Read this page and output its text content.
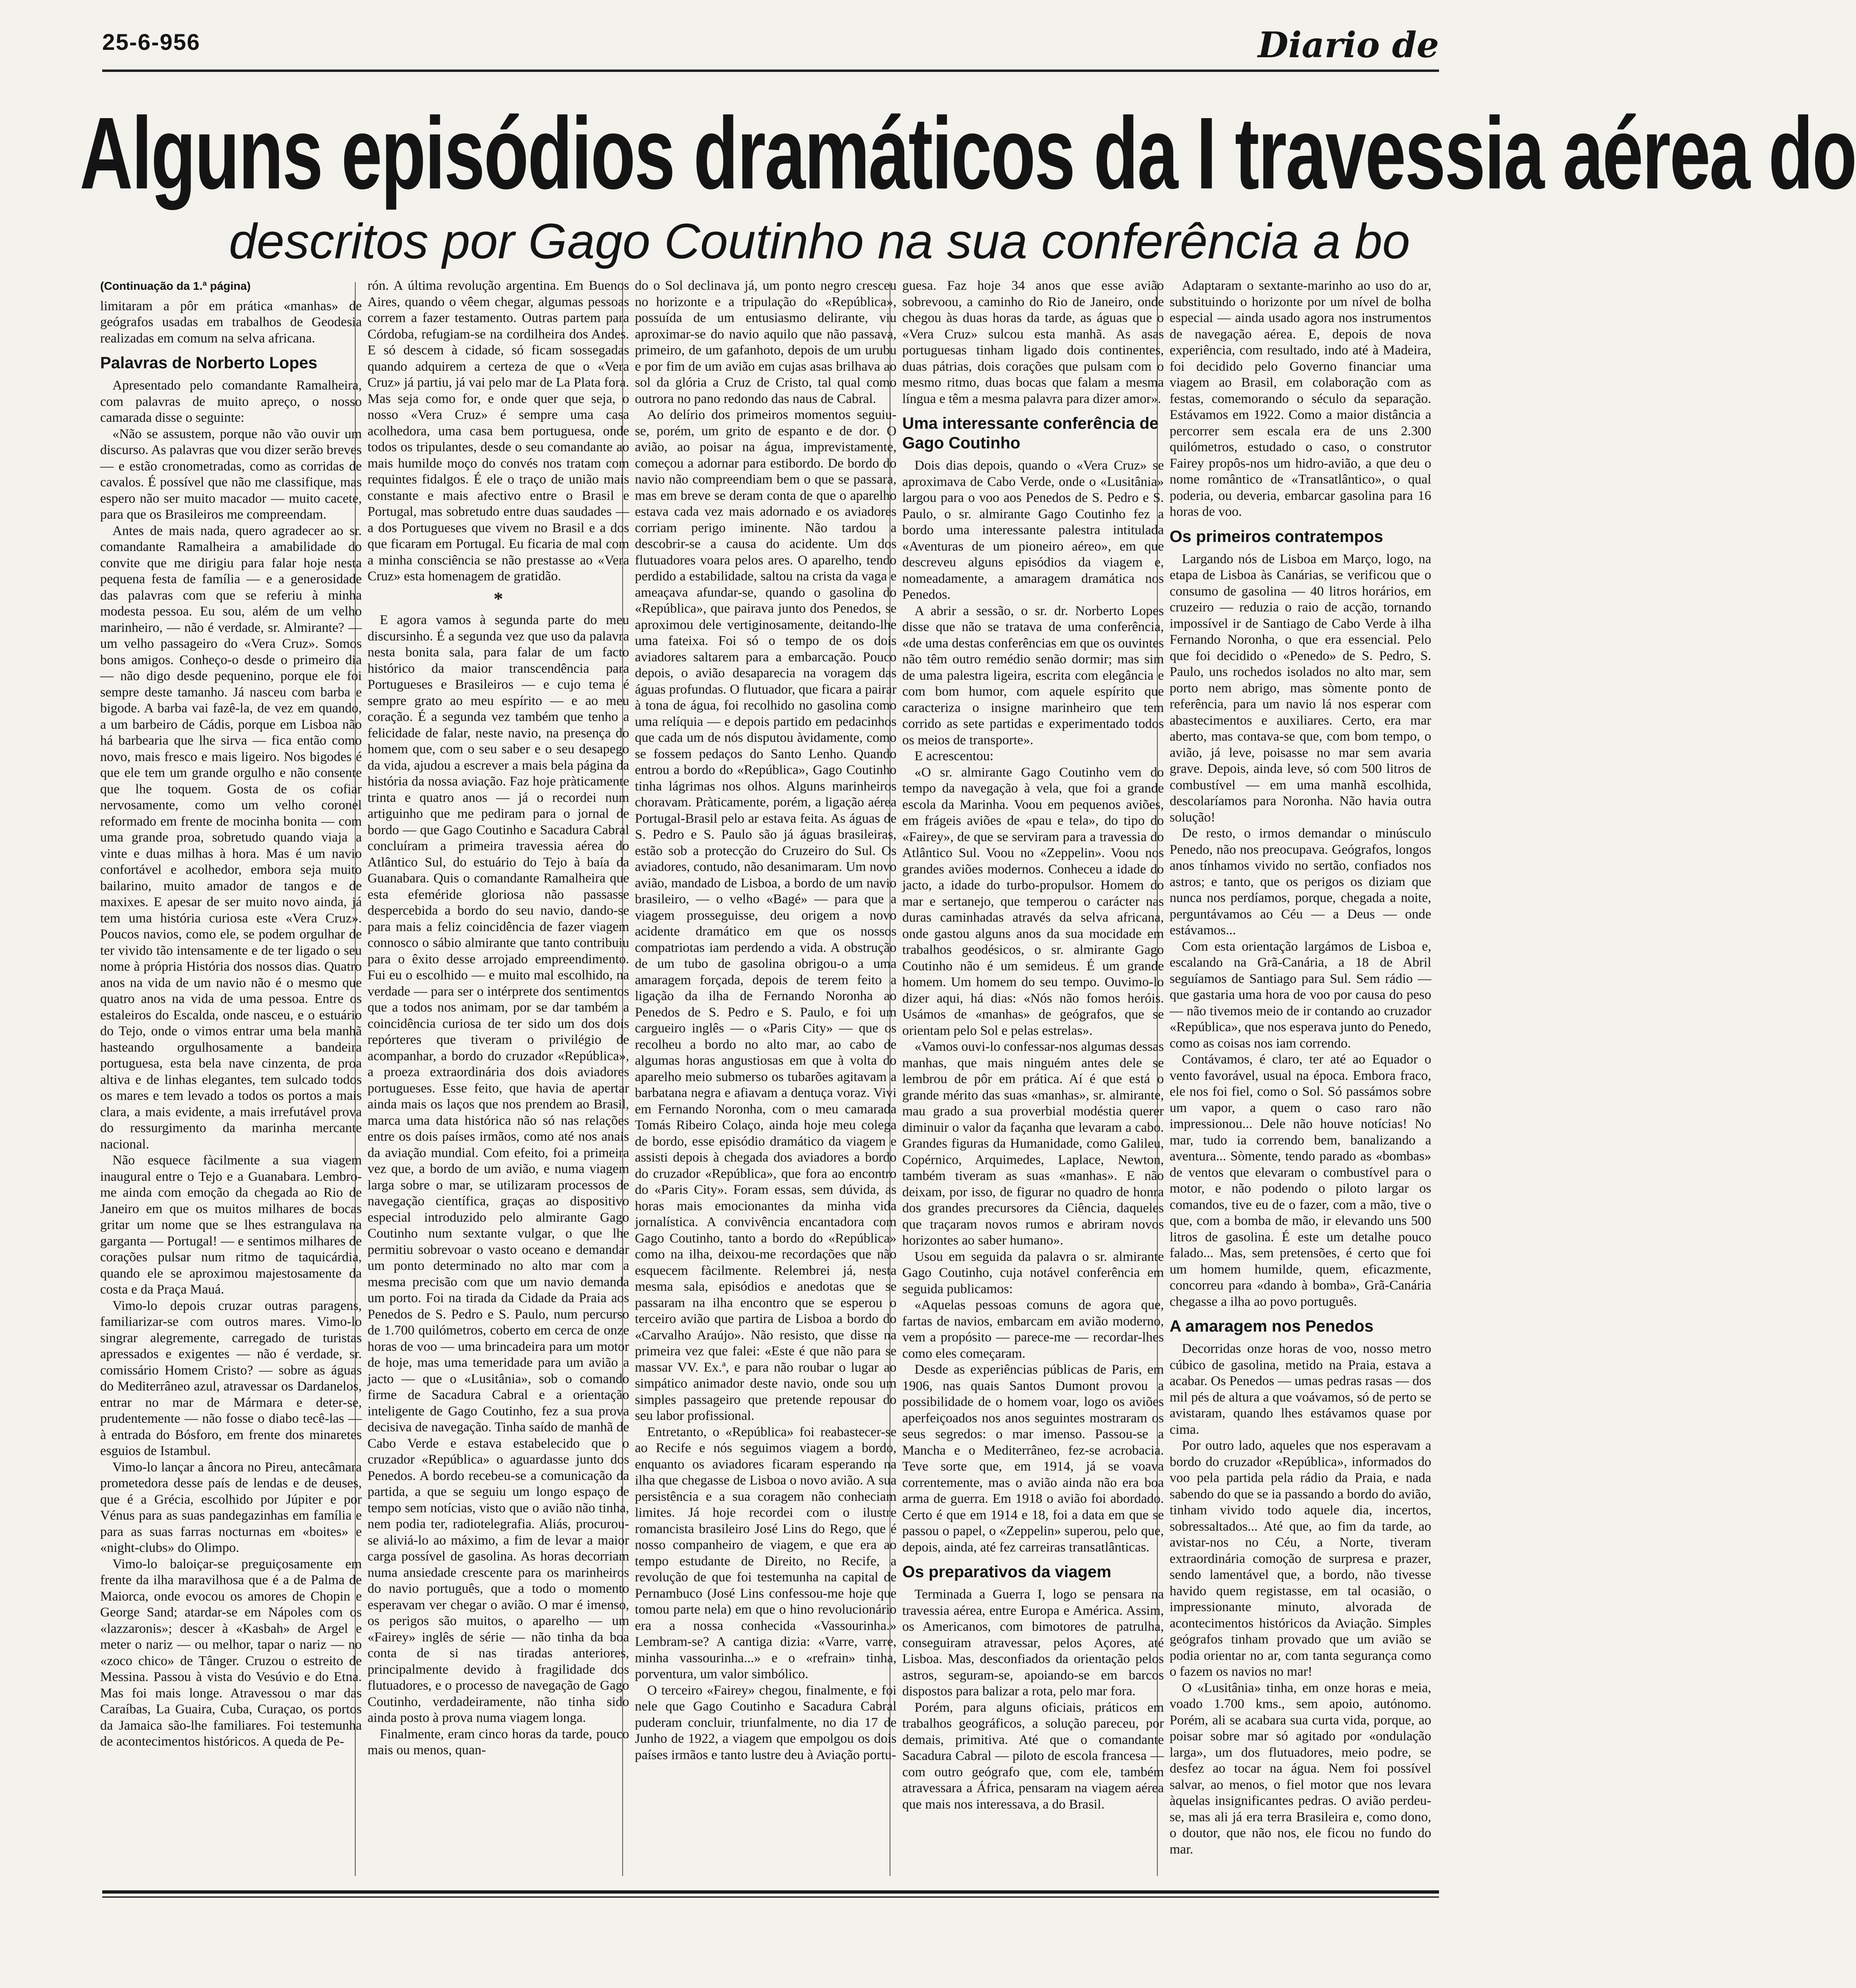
25-6-956	Diario de
Alguns episódios dramáticos da I travessia aérea do
descritos por Gago Coutinho na sua conferência a bo
(Continuação da 1.ª página)

limitaram a pôr em prática «manhas» de geógrafos usadas em trabalhos de Geodesia realizadas em comum na selva africana.

Palavras de Norberto Lopes

Apresentado pelo comandante Ramalheira, com palavras de muito apreço, o nosso camarada disse o seguinte:

«Não se assustem, porque não vão ouvir um discurso. As palavras que vou dizer serão breves — e estão cronometradas, como as corridas de cavalos. É possível que não me classifique, mas espero não ser muito macador — muito cacete, para que os Brasileiros me compreendam.

Antes de mais nada, quero agradecer ao sr. comandante Ramalheira a amabilidade do convite que me dirigiu para falar hoje nesta pequena festa de família — e a generosidade das palavras com que se referiu à minha modesta pessoa. Eu sou, além de um velho marinheiro, — não é verdade, sr. Almirante? — um velho passageiro do «Vera Cruz». Somos bons amigos. Conheço-o desde o primeiro dia — não digo desde pequenino, porque ele foi sempre deste tamanho. Já nasceu com barba e bigode. A barba vai fazê-la, de vez em quando, a um barbeiro de Cádis, porque em Lisboa não há barbearia que lhe sirva — fica então como novo, mais fresco e mais ligeiro. Nos bigodes é que ele tem um grande orgulho e não consente que lhe toquem. Gosta de os cofiar nervosamente, como um velho coronel reformado em frente de mocinha bonita — com uma grande proa, sobretudo quando viaja a vinte e duas milhas à hora. Mas é um navio confortável e acolhedor, embora seja muito bailarino, muito amador de tangos e de maxixes. E apesar de ser muito novo ainda, já tem uma história curiosa este «Vera Cruz». Poucos navios, como ele, se podem orgulhar de ter vivido tão intensamente e de ter ligado o seu nome à própria História dos nossos dias. Quatro anos na vida de um navio não é o mesmo que quatro anos na vida de uma pessoa. Entre os estaleiros do Escalda, onde nasceu, e o estuário do Tejo, onde o vimos entrar uma bela manhã hasteando orgulhosamente a bandeira portuguesa, esta bela nave cinzenta, de proa altiva e de linhas elegantes, tem sulcado todos os mares e tem levado a todos os portos a mais clara, a mais evidente, a mais irrefutável prova do ressurgimento da marinha mercante nacional.

Não esquece fàcilmente a sua viagem inaugural entre o Tejo e a Guanabara. Lembro-me ainda com emoção da chegada ao Rio de Janeiro em que os muitos milhares de bocas gritar um nome que se lhes estrangulava na garganta — Portugal! — e sentimos milhares de corações pulsar num ritmo de taquicárdia, quando ele se aproximou majestosamente da costa e da Praça Mauá.

Vimo-lo depois cruzar outras paragens, familiarizar-se com outros mares. Vimo-lo singrar alegremente, carregado de turistas apressados e exigentes — não é verdade, sr. comissário Homem Cristo? — sobre as águas do Mediterrâneo azul, atravessar os Dardanelos, entrar no mar de Mármara e deter-se, prudentemente — não fosse o diabo tecê-las — à entrada do Bósforo, em frente dos minaretes esguios de Istambul.

Vimo-lo lançar a âncora no Pireu, antecâmara prometedora desse país de lendas e de deuses, que é a Grécia, escolhido por Júpiter e por Vénus para as suas pandegazinhas em família e para as suas farras nocturnas em «boites» e «night-clubs» do Olimpo.

Vimo-lo baloiçar-se preguiçosamente em frente da ilha maravilhosa que é a de Palma de Maiorca, onde evocou os amores de Chopin e George Sand; atardar-se em Nápoles com os «lazzaronis»; descer à «Kasbah» de Argel e meter o nariz — ou melhor, tapar o nariz — no «zoco chico» de Tânger. Cruzou o estreito de Messina. Passou à vista do Vesúvio e do Etna. Mas foi mais longe. Atravessou o mar das Caraíbas, La Guaira, Cuba, Curaçao, os portos da Jamaica são-lhe familiares. Foi testemunha de acontecimentos históricos. A queda de Pe-

rón. A última revolução argentina. Em Buenos Aires, quando o vêem chegar, algumas pessoas correm a fazer testamento. Outras partem para Córdoba, refugiam-se na cordilheira dos Andes. E só descem à cidade, só ficam sossegadas quando adquirem a certeza de que o «Vera Cruz» já partiu, já vai pelo mar de La Plata fora. Mas seja como for, e onde quer que seja, o nosso «Vera Cruz» é sempre uma casa acolhedora, uma casa bem portuguesa, onde todos os tripulantes, desde o seu comandante ao mais humilde moço do convés nos tratam com requintes fidalgos. É ele o traço de união mais constante e mais afectivo entre o Brasil e Portugal, mas sobretudo entre duas saudades — a dos Portugueses que vivem no Brasil e a dos que ficaram em Portugal. Eu ficaria de mal com a minha consciência se não prestasse ao «Vera Cruz» esta homenagem de gratidão.

*

E agora vamos à segunda parte do meu discursinho. É a segunda vez que uso da palavra nesta bonita sala, para falar de um facto histórico da maior transcendência para Portugueses e Brasileiros — e cujo tema é sempre grato ao meu espírito — e ao meu coração. É a segunda vez também que tenho a felicidade de falar, neste navio, na presença do homem que, com o seu saber e o seu desapego da vida, ajudou a escrever a mais bela página da história da nossa aviação. Faz hoje pràticamente trinta e quatro anos — já o recordei num artiguinho que me pediram para o jornal de bordo — que Gago Coutinho e Sacadura Cabral concluíram a primeira travessia aérea do Atlântico Sul, do estuário do Tejo à baía da Guanabara. Quis o comandante Ramalheira que esta efeméride gloriosa não passasse despercebida a bordo do seu navio, dando-se para mais a feliz coincidência de fazer viagem connosco o sábio almirante que tanto contribuiu para o êxito desse arrojado empreendimento. Fui eu o escolhido — e muito mal escolhido, na verdade — para ser o intérprete dos sentimentos que a todos nos animam, por se dar também a coincidência curiosa de ter sido um dos dois repórteres que tiveram o privilégio de acompanhar, a bordo do cruzador «República», a proeza extraordinária dos dois aviadores portugueses. Esse feito, que havia de apertar ainda mais os laços que nos prendem ao Brasil, marca uma data histórica não só nas relações entre os dois países irmãos, como até nos anais da aviação mundial. Com efeito, foi a primeira vez que, a bordo de um avião, e numa viagem larga sobre o mar, se utilizaram processos de navegação científica, graças ao dispositivo especial introduzido pelo almirante Gago Coutinho num sextante vulgar, o que lhe permitiu sobrevoar o vasto oceano e demandar um ponto determinado no alto mar com a mesma precisão com que um navio demanda um porto. Foi na tirada da Cidade da Praia aos Penedos de S. Pedro e S. Paulo, num percurso de 1.700 quilómetros, coberto em cerca de onze horas de voo — uma brincadeira para um motor de hoje, mas uma temeridade para um avião a jacto — que o «Lusitânia», sob o comando firme de Sacadura Cabral e a orientação inteligente de Gago Coutinho, fez a sua prova decisiva de navegação. Tinha saído de manhã de Cabo Verde e estava estabelecido que o cruzador «República» o aguardasse junto dos Penedos. A bordo recebeu-se a comunicação da partida, a que se seguiu um longo espaço de tempo sem notícias, visto que o avião não tinha, nem podia ter, radiotelegrafia. Aliás, procurou-se aliviá-lo ao máximo, a fim de levar a maior carga possível de gasolina. As horas decorriam numa ansiedade crescente para os marinheiros do navio português, que a todo o momento esperavam ver chegar o avião. O mar é imenso, os perigos são muitos, o aparelho — um «Fairey» inglês de série — não tinha da boa conta de si nas tiradas anteriores, principalmente devido à fragilidade dos flutuadores, e o processo de navegação de Gago Coutinho, verdadeiramente, não tinha sido ainda posto à prova numa viagem longa.

Finalmente, eram cinco horas da tarde, pouco mais ou menos, quan-

do o Sol declinava já, um ponto negro cresceu no horizonte e a tripulação do «República», possuída de um entusiasmo delirante, viu aproximar-se do navio aquilo que não passava, primeiro, de um gafanhoto, depois de um urubu e por fim de um avião em cujas asas brilhava ao sol da glória a Cruz de Cristo, tal qual como outrora no pano redondo das naus de Cabral.

Ao delírio dos primeiros momentos seguiu-se, porém, um grito de espanto e de dor. O avião, ao poisar na água, imprevistamente, começou a adornar para estibordo. De bordo do navio não compreendiam bem o que se passara, mas em breve se deram conta de que o aparelho estava cada vez mais adornado e os aviadores corriam perigo iminente. Não tardou a descobrir-se a causa do acidente. Um dos flutuadores voara pelos ares. O aparelho, tendo perdido a estabilidade, saltou na crista da vaga e ameaçava afundar-se, quando o gasolina do «República», que pairava junto dos Penedos, se aproximou dele vertiginosamente, deitando-lhe uma fateixa. Foi só o tempo de os dois aviadores saltarem para a embarcação. Pouco depois, o avião desaparecia na voragem das águas profundas. O flutuador, que ficara a pairar à tona de água, foi recolhido no gasolina como uma relíquia — e depois partido em pedacinhos que cada um de nós disputou àvidamente, como se fossem pedaços do Santo Lenho. Quando entrou a bordo do «República», Gago Coutinho tinha lágrimas nos olhos. Alguns marinheiros choravam. Pràticamente, porém, a ligação aérea Portugal-Brasil pelo ar estava feita. As águas de S. Pedro e S. Paulo são já águas brasileiras, estão sob a protecção do Cruzeiro do Sul. Os aviadores, contudo, não desanimaram. Um novo avião, mandado de Lisboa, a bordo de um navio brasileiro, — o velho «Bagé» — para que a viagem prosseguisse, deu origem a novo acidente dramático em que os nossos compatriotas iam perdendo a vida. A obstrução de um tubo de gasolina obrigou-o a uma amaragem forçada, depois de terem feito a ligação da ilha de Fernando Noronha ao Penedos de S. Pedro e S. Paulo, e foi um cargueiro inglês — o «Paris City» — que os recolheu a bordo no alto mar, ao cabo de algumas horas angustiosas em que à volta do aparelho meio submerso os tubarões agitavam a barbatana negra e afiavam a dentuça voraz. Vivi em Fernando Noronha, com o meu camarada Tomás Ribeiro Colaço, ainda hoje meu colega de bordo, esse episódio dramático da viagem e assisti depois à chegada dos aviadores a bordo do cruzador «República», que fora ao encontro do «Paris City». Foram essas, sem dúvida, as horas mais emocionantes da minha vida jornalística. A convivência encantadora com Gago Coutinho, tanto a bordo do «República» como na ilha, deixou-me recordações que não esquecem fàcilmente. Relembrei já, nesta mesma sala, episódios e anedotas que se passaram na ilha encontro que se esperou o terceiro avião que partira de Lisboa a bordo do «Carvalho Araújo». Não resisto, que disse na primeira vez que falei: «Este é que não para se massar VV. Ex.ª, e para não roubar o lugar ao simpático animador deste navio, onde sou um simples passageiro que pretende repousar do seu labor profissional.

Entretanto, o «República» foi reabastecer-se ao Recife e nós seguimos viagem a bordo, enquanto os aviadores ficaram esperando na ilha que chegasse de Lisboa o novo avião. A sua persistência e a sua coragem não conheciam limites. Já hoje recordei com o ilustre romancista brasileiro José Lins do Rego, que é nosso companheiro de viagem, e que era ao tempo estudante de Direito, no Recife, a revolução de que foi testemunha na capital de Pernambuco (José Lins confessou-me hoje que tomou parte nela) em que o hino revolucionário era a nossa conhecida «Vassourinha.» Lembram-se? A cantiga dizia: «Varre, varre, minha vassourinha...» e o «refrain» tinha, porventura, um valor simbólico.

O terceiro «Fairey» chegou, finalmente, e foi nele que Gago Coutinho e Sacadura Cabral puderam concluir, triunfalmente, no dia 17 de Junho de 1922, a viagem que empolgou os dois países irmãos e tanto lustre deu à Aviação portu-

guesa. Faz hoje 34 anos que esse avião sobrevoou, a caminho do Rio de Janeiro, onde chegou às duas horas da tarde, as águas que o «Vera Cruz» sulcou esta manhã. As asas portuguesas tinham ligado dois continentes, duas pátrias, dois corações que pulsam com o mesmo ritmo, duas bocas que falam a mesma língua e têm a mesma palavra para dizer amor».

Uma interessante conferência de Gago Coutinho

Dois dias depois, quando o «Vera Cruz» se aproximava de Cabo Verde, onde o «Lusitânia» largou para o voo aos Penedos de S. Pedro e S. Paulo, o sr. almirante Gago Coutinho fez a bordo uma interessante palestra intitulada «Aventuras de um pioneiro aéreo», em que descreveu alguns episódios da viagem e, nomeadamente, a amaragem dramática nos Penedos.

A abrir a sessão, o sr. dr. Norberto Lopes disse que não se tratava de uma conferência, «de uma destas conferências em que os ouvintes não têm outro remédio senão dormir; mas sim de uma palestra ligeira, escrita com elegância e com bom humor, com aquele espírito que caracteriza o insigne marinheiro que tem corrido as sete partidas e experimentado todos os meios de transporte».

E acrescentou:

«O sr. almirante Gago Coutinho vem do tempo da navegação à vela, que foi a grande escola da Marinha. Voou em pequenos aviões, em frágeis aviões de «pau e tela», do tipo do «Fairey», de que se serviram para a travessia do Atlântico Sul. Voou no «Zeppelin». Voou nos grandes aviões modernos. Conheceu a idade do jacto, a idade do turbo-propulsor. Homem do mar e sertanejo, que temperou o carácter nas duras caminhadas através da selva africana, onde gastou alguns anos da sua mocidade em trabalhos geodésicos, o sr. almirante Gago Coutinho não é um semideus. É um grande homem. Um homem do seu tempo. Ouvimo-lo dizer aqui, há dias: «Nós não fomos heróis. Usámos de «manhas» de geógrafos, que se orientam pelo Sol e pelas estrelas».

«Vamos ouvi-lo confessar-nos algumas dessas manhas, que mais ninguém antes dele se lembrou de pôr em prática. Aí é que está o grande mérito das suas «manhas», sr. almirante, mau grado a sua proverbial modéstia querer diminuir o valor da façanha que levaram a cabo. Grandes figuras da Humanidade, como Galileu, Copérnico, Arquimedes, Laplace, Newton, também tiveram as suas «manhas». E não deixam, por isso, de figurar no quadro de honra dos grandes precursores da Ciência, daqueles que traçaram novos rumos e abriram novos horizontes ao saber humano».

Usou em seguida da palavra o sr. almirante Gago Coutinho, cuja notável conferência em seguida publicamos:

«Aquelas pessoas comuns de agora que, fartas de navios, embarcam em avião moderno, vem a propósito — parece-me — recordar-lhes como eles começaram.

Desde as experiências públicas de Paris, em 1906, nas quais Santos Dumont provou a possibilidade de o homem voar, logo os aviões aperfeiçoados nos anos seguintes mostraram os seus segredos: o mar imenso. Passou-se a Mancha e o Mediterrâneo, fez-se acrobacia. Teve sorte que, em 1914, já se voava correntemente, mas o avião ainda não era boa arma de guerra. Em 1918 o avião foi abordado. Certo é que em 1914 e 18, foi a data em que se passou o papel, o «Zeppelin» superou, pelo que, depois, ainda, até fez carreiras transatlânticas.

Os preparativos da viagem

Terminada a Guerra I, logo se pensara na travessia aérea, entre Europa e América. Assim, os Americanos, com bimotores de patrulha, conseguiram atravessar, pelos Açores, até Lisboa. Mas, desconfiados da orientação pelos astros, seguram-se, apoiando-se em barcos dispostos para balizar a rota, pelo mar fora.

Porém, para alguns oficiais, práticos em trabalhos geográficos, a solução pareceu, por demais, primitiva. Até que o comandante Sacadura Cabral — piloto de escola francesa — com outro geógrafo que, com ele, também atravessara a África, pensaram na viagem aérea que mais nos interessava, a do Brasil.

Adaptaram o sextante-marinho ao uso do ar, substituindo o horizonte por um nível de bolha especial — ainda usado agora nos instrumentos de navegação aérea. E, depois de nova experiência, com resultado, indo até à Madeira, foi decidido pelo Governo financiar uma viagem ao Brasil, em colaboração com as festas, comemorando o século da separação. Estávamos em 1922. Como a maior distância a percorrer sem escala era de uns 2.300 quilómetros, estudado o caso, o construtor Fairey propôs-nos um hidro-avião, a que deu o nome romântico de «Transatlântico», o qual poderia, ou deveria, embarcar gasolina para 16 horas de voo.

Os primeiros contratempos

Largando nós de Lisboa em Março, logo, na etapa de Lisboa às Canárias, se verificou que o consumo de gasolina — 40 litros horários, em cruzeiro — reduzia o raio de acção, tornando impossível ir de Santiago de Cabo Verde à ilha Fernando Noronha, o que era essencial. Pelo que foi decidido o «Penedo» de S. Pedro, S. Paulo, uns rochedos isolados no alto mar, sem porto nem abrigo, mas sòmente ponto de referência, para um navio lá nos esperar com abastecimentos e auxiliares. Certo, era mar aberto, mas contava-se que, com bom tempo, o avião, já leve, poisasse no mar sem avaria grave. Depois, ainda leve, só com 500 litros de combustível — em uma manhã escolhida, descolaríamos para Noronha. Não havia outra solução!

De resto, o irmos demandar o minúsculo Penedo, não nos preocupava. Geógrafos, longos anos tínhamos vivido no sertão, confiados nos astros; e tanto, que os perigos os diziam que nunca nos perdíamos, porque, chegada a noite, perguntávamos ao Céu — a Deus — onde estávamos...

Com esta orientação largámos de Lisboa e, escalando na Grã-Canária, a 18 de Abril seguíamos de Santiago para Sul. Sem rádio — que gastaria uma hora de voo por causa do peso — não tivemos meio de ir contando ao cruzador «República», que nos esperava junto do Penedo, como as coisas nos iam correndo.

Contávamos, é claro, ter até ao Equador o vento favorável, usual na época. Embora fraco, ele nos foi fiel, como o Sol. Só passámos sobre um vapor, a quem o caso raro não impressionou... Dele não houve notícias! No mar, tudo ia correndo bem, banalizando a aventura... Sòmente, tendo parado as «bombas» de ventos que elevaram o combustível para o motor, e não podendo o piloto largar os comandos, tive eu de o fazer, com a mão, tive o que, com a bomba de mão, ir elevando uns 500 litros de gasolina. É este um detalhe pouco falado... Mas, sem pretensões, é certo que foi um homem humilde, quem, eficazmente, concorreu para «dando à bomba», Grã-Canária chegasse a ilha ao povo português.

A amaragem nos Penedos

Decorridas onze horas de voo, nosso metro cúbico de gasolina, metido na Praia, estava a acabar. Os Penedos — umas pedras rasas — dos mil pés de altura a que voávamos, só de perto se avistaram, quando lhes estávamos quase por cima.

Por outro lado, aqueles que nos esperavam a bordo do cruzador «República», informados do voo pela partida pela rádio da Praia, e nada sabendo do que se ia passando a bordo do avião, tinham vivido todo aquele dia, incertos, sobressaltados... Até que, ao fim da tarde, ao avistar-nos no Céu, a Norte, tiveram extraordinária comoção de surpresa e prazer, sendo lamentável que, a bordo, não tivesse havido quem registasse, em tal ocasião, o impressionante minuto, alvorada de acontecimentos históricos da Aviação. Simples geógrafos tinham provado que um avião se podia orientar no ar, com tanta segurança como o fazem os navios no mar!

O «Lusitânia» tinha, em onze horas e meia, voado 1.700 kms., sem apoio, autónomo. Porém, ali se acabara sua curta vida, porque, ao poisar sobre mar só agitado por «ondulação larga», um dos flutuadores, meio podre, se desfez ao tocar na água. Nem foi possível salvar, ao menos, o fiel motor que nos levara àquelas insignificantes pedras. O avião perdeu-se, mas ali já era terra Brasileira e, como dono, o doutor, que não nos, ele ficou no fundo do mar.
